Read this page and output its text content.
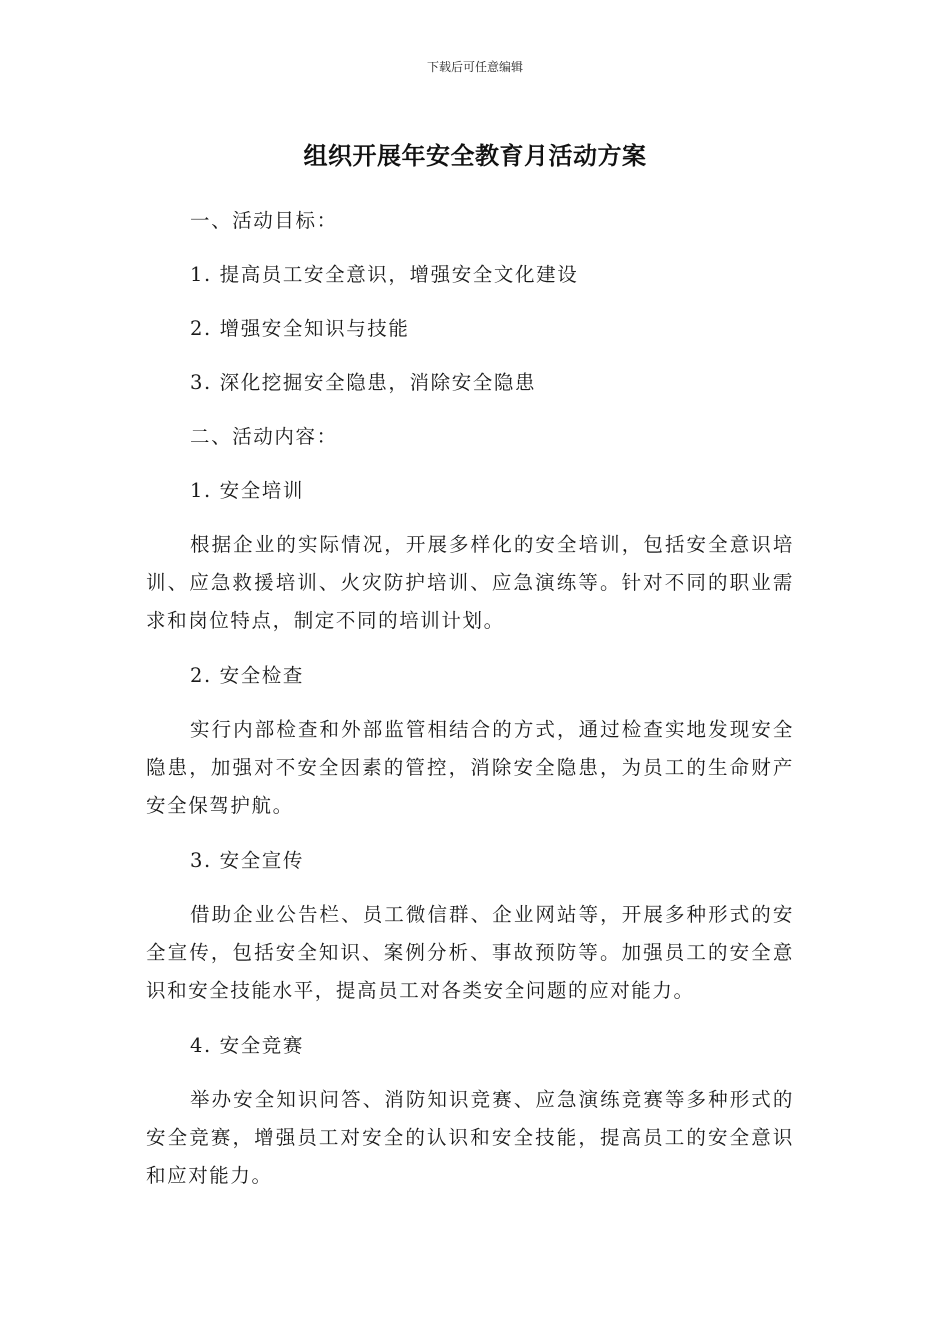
下载后可任意编辑
组织开展年安全教育月活动方案
一、活动目标：
1. 提高员工安全意识，增强安全文化建设
2. 增强安全知识与技能
3. 深化挖掘安全隐患，消除安全隐患
二、活动内容：
1. 安全培训
根据企业的实际情况，开展多样化的安全培训，包括安全意识培训、应急救援培训、火灾防护培训、应急演练等。针对不同的职业需求和岗位特点，制定不同的培训计划。
2. 安全检查
实行内部检查和外部监管相结合的方式，通过检查实地发现安全隐患，加强对不安全因素的管控，消除安全隐患，为员工的生命财产安全保驾护航。
3. 安全宣传
借助企业公告栏、员工微信群、企业网站等，开展多种形式的安全宣传，包括安全知识、案例分析、事故预防等。加强员工的安全意识和安全技能水平，提高员工对各类安全问题的应对能力。
4. 安全竞赛
举办安全知识问答、消防知识竞赛、应急演练竞赛等多种形式的安全竞赛，增强员工对安全的认识和安全技能，提高员工的安全意识和应对能力。
